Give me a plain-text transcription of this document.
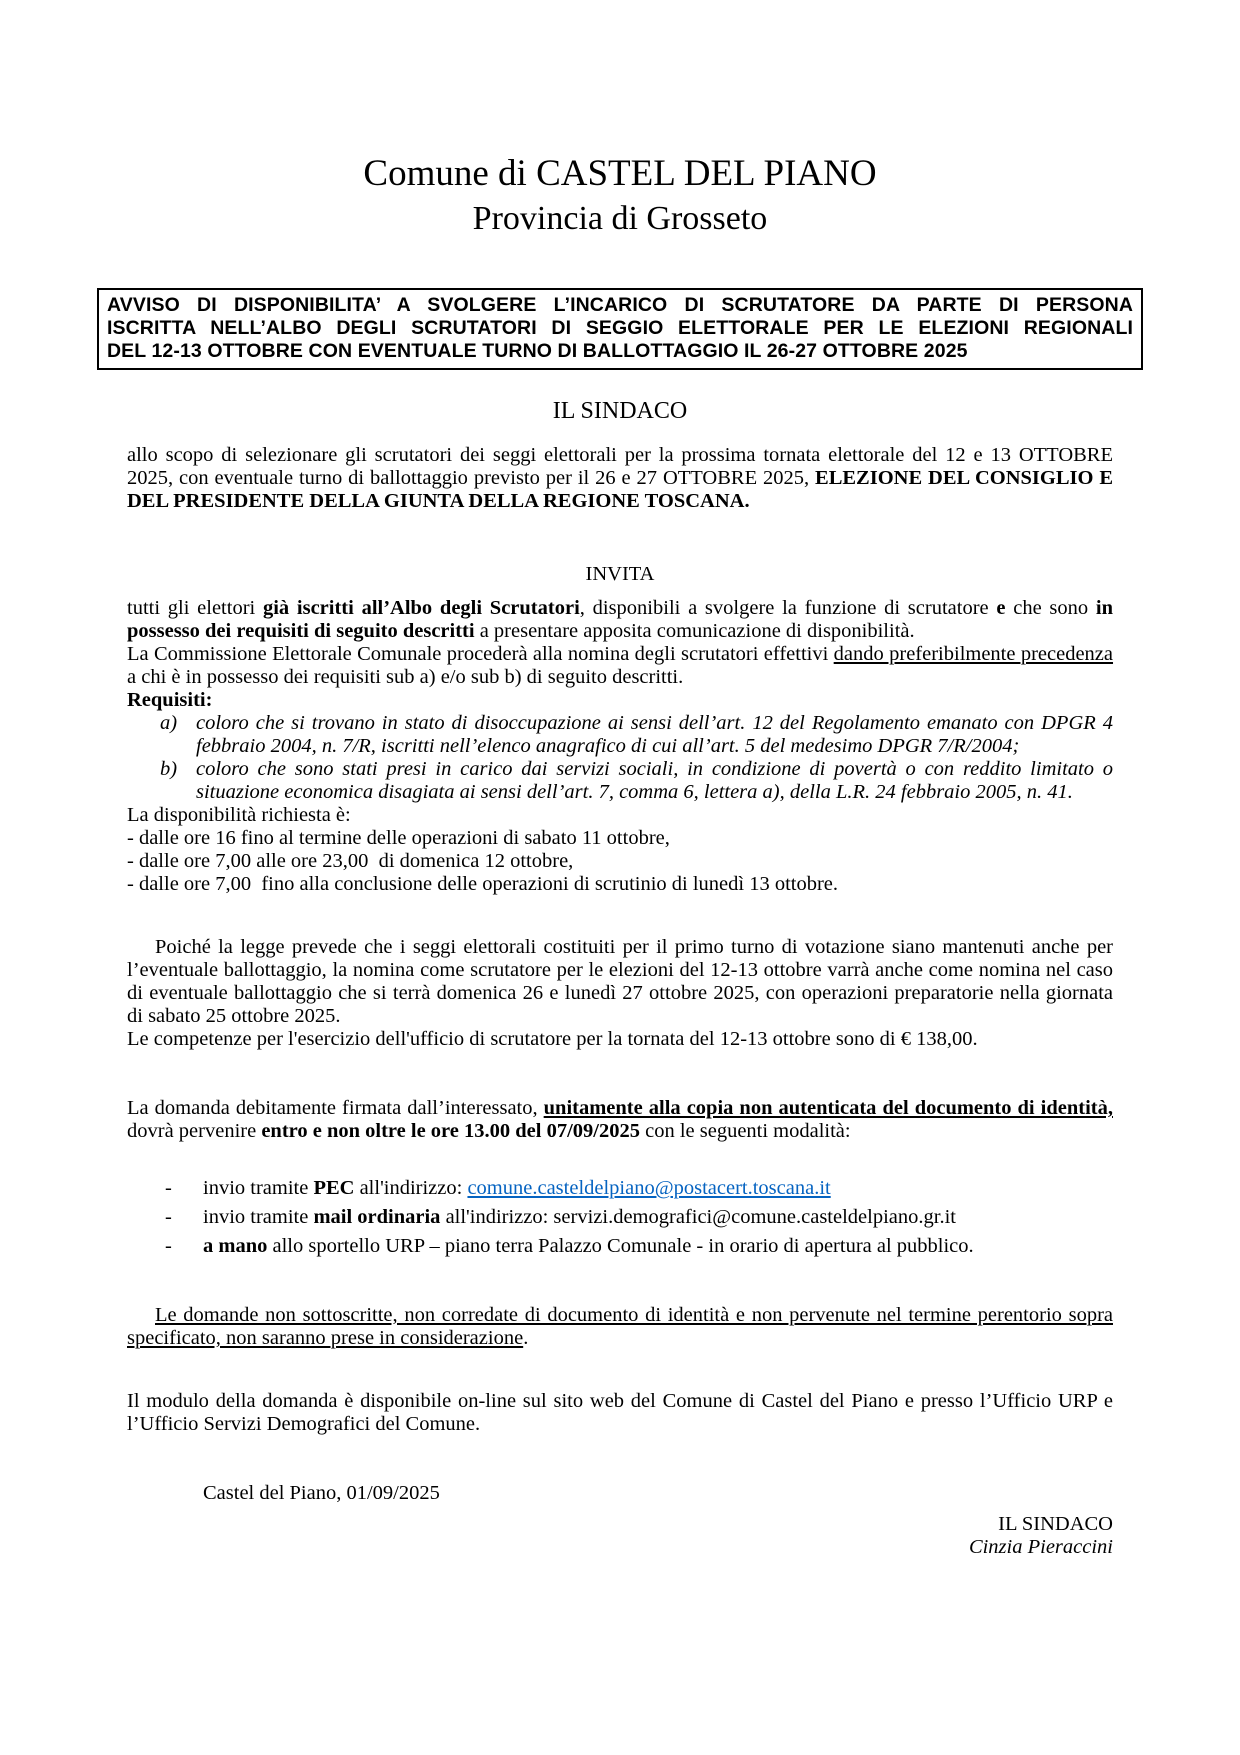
Comune di CASTEL DEL PIANO
Provincia di Grosseto
AVVISO DI DISPONIBILITA’ A SVOLGERE L’INCARICO DI SCRUTATORE DA PARTE DI PERSONA
ISCRITTA NELL’ALBO DEGLI SCRUTATORI DI SEGGIO ELETTORALE PER LE ELEZIONI REGIONALI
DEL 12-13 OTTOBRE CON EVENTUALE TURNO DI BALLOTTAGGIO IL 26-27 OTTOBRE 2025
IL SINDACO
allo scopo di selezionare gli scrutatori dei seggi elettorali per la prossima tornata elettorale del 12 e 13 OTTOBRE 2025, con eventuale turno di ballottaggio previsto per il 26 e 27 OTTOBRE 2025, ELEZIONE DEL CONSIGLIO E DEL PRESIDENTE DELLA GIUNTA DELLA REGIONE TOSCANA.
INVITA
tutti gli elettori già iscritti all’Albo degli Scrutatori, disponibili a svolgere la funzione di scrutatore e che sono in possesso dei requisiti di seguito descritti a presentare apposita comunicazione di disponibilità.
La Commissione Elettorale Comunale procederà alla nomina degli scrutatori effettivi dando preferibilmente precedenza a chi è in possesso dei requisiti sub a) e/o sub b) di seguito descritti.
Requisiti:
a) coloro che si trovano in stato di disoccupazione ai sensi dell’art. 12 del Regolamento emanato con DPGR 4 febbraio 2004, n. 7/R, iscritti nell’elenco anagrafico di cui all’art. 5 del medesimo DPGR 7/R/2004;
b) coloro che sono stati presi in carico dai servizi sociali, in condizione di povertà o con reddito limitato o situazione economica disagiata ai sensi dell’art. 7, comma 6, lettera a), della L.R. 24 febbraio 2005, n. 41.
La disponibilità richiesta è:
- dalle ore 16 fino al termine delle operazioni di sabato 11 ottobre,
- dalle ore 7,00 alle ore 23,00  di domenica 12 ottobre,
- dalle ore 7,00  fino alla conclusione delle operazioni di scrutinio di lunedì 13 ottobre.
Poiché la legge prevede che i seggi elettorali costituiti per il primo turno di votazione siano mantenuti anche per l’eventuale ballottaggio, la nomina come scrutatore per le elezioni del 12-13 ottobre varrà anche come nomina nel caso di eventuale ballottaggio che si terrà domenica 26 e lunedì 27 ottobre 2025, con operazioni preparatorie nella giornata di sabato 25 ottobre 2025.
Le competenze per l'esercizio dell'ufficio di scrutatore per la tornata del 12-13 ottobre sono di € 138,00.
La domanda debitamente firmata dall’interessato, unitamente alla copia non autenticata del documento di identità, dovrà pervenire entro e non oltre le ore 13.00 del 07/09/2025 con le seguenti modalità:
-	invio tramite PEC all'indirizzo: comune.casteldelpiano@postacert.toscana.it
-	invio tramite mail ordinaria all'indirizzo: servizi.demografici@comune.casteldelpiano.gr.it
-	a mano allo sportello URP – piano terra Palazzo Comunale - in orario di apertura al pubblico.
Le domande non sottoscritte, non corredate di documento di identità e non pervenute nel termine perentorio sopra specificato, non saranno prese in considerazione.
Il modulo della domanda è disponibile on-line sul sito web del Comune di Castel del Piano e presso l’Ufficio URP e l’Ufficio Servizi Demografici del Comune.
Castel del Piano, 01/09/2025
IL SINDACO
Cinzia Pieraccini
